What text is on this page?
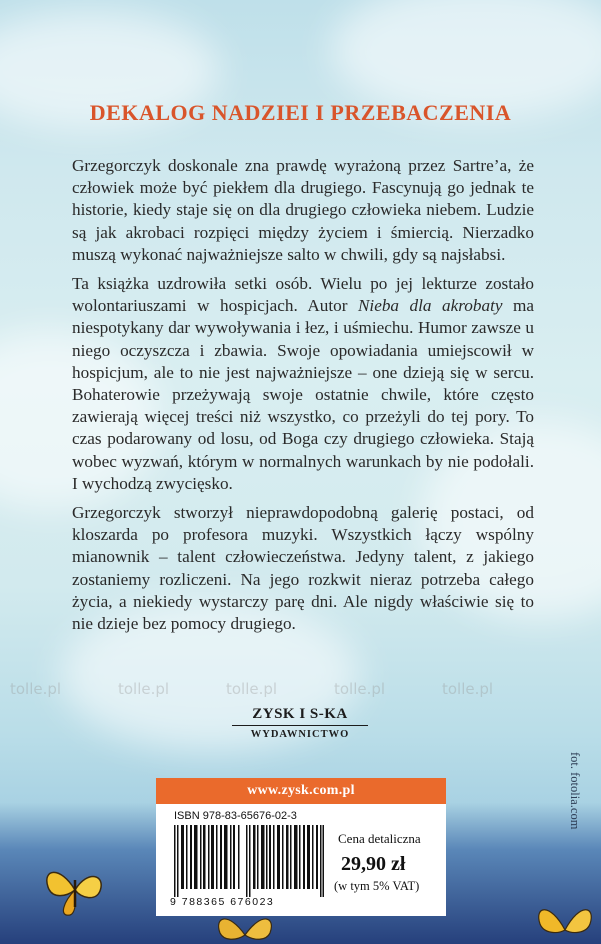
DEKALOG NADZIEI I PRZEBACZENIA

Grzegorczyk doskonale zna prawdę wyrażoną przez Sartre’a, że człowiek może być piekłem dla drugiego. Fascynują go jednak te historie, kiedy staje się on dla drugiego człowieka niebem. Ludzie są jak akrobaci rozpięci między życiem i śmiercią. Nierzadko muszą wykonać najważniejsze salto w chwili, gdy są najsłabsi.

Ta książka uzdrowiła setki osób. Wielu po jej lekturze zostało wolontariuszami w hospicjach. Autor Nieba dla akrobaty ma niespotykany dar wywoływania i łez, i uśmiechu. Humor zawsze u niego oczyszcza i zbawia. Swoje opowiadania umiejscowił w hospicjum, ale to nie jest najważniejsze – one dzieją się w sercu. Bohaterowie przeżywają swoje ostatnie chwile, które często zawierają więcej treści niż wszystko, co przeżyli do tej pory. To czas podarowany od losu, od Boga czy drugiego człowieka. Stają wobec wyzwań, którym w normalnych warunkach by nie podołali. I wychodzą zwycięsko.

Grzegorczyk stworzył nieprawdopodobną galerię postaci, od kloszarda po profesora muzyki. Wszystkich łączy wspólny mianownik – talent człowieczeństwa. Jedyny talent, z jakiego zostaniemy rozliczeni. Na jego rozkwit nieraz potrzeba całego życia, a niekiedy wystarczy parę dni. Ale nigdy właściwie się to nie dzieje bez pomocy drugiego.

tolle.pl	tolle.pl	tolle.pl	tolle.pl	tolle.pl
ZYSK I S-KA
WYDAWNICTWO
fot. fotolia.com
www.zysk.com.pl
ISBN 978-83-65676-02-3
9 788365 676023
Cena detaliczna
29,90 zł
(w tym 5% VAT)
